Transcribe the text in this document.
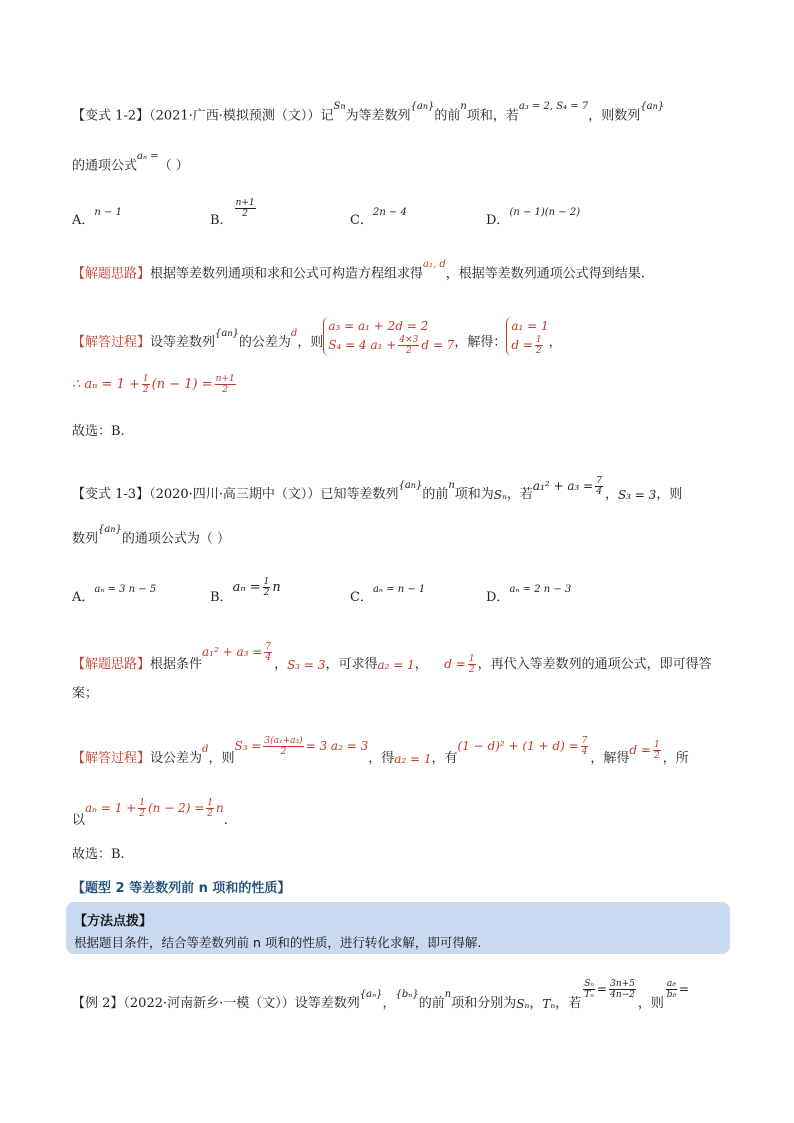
【变式 1-2】（2021·广西·模拟预测（文））记Sn为等差数列{an}的前n项和，若a₃ = 2, S₄ = 7，则数列{an}
的通项公式aₙ =（ ）
A．$^{n - 1}$
B．
$\frac{n+1}{2}$
C．$^{2n - 4}$
D．$^{(n - 1)(n - 2)}$
【解题思路】根据等差数列通项和求和公式可构造方程组求得a₁, d，根据等差数列通项公式得到结果.
【解答过程】设等差数列{an}的公差为d，则a₃ = a₁ + 2d = 2
S₄ = 4 $a_1 + \frac{4\times 3}{2}$ d = 7，解得：a₁ = 1
$d = \frac{1}{2}$ ，
∴ $a_n = 1 + \frac{1}{2} (n - 1) = \frac{n+1}{2}$
故选：B.
【变式 1-3】（2020·四川·高三期中（文））已知等差数列{an}的前n项和为Sₙ，若$a_1^2 + a_3 = \frac{7}{4}$ ，S₃ = 3，则
数列{an}的通项公式为（ ）
A．$^{a_n = 3 n - 5}$
B．$a_n = \frac{1}{2}$ n
C．$^{a_n = n - 1}$
D．$^{a_n = 2 n - 3}$
【解题思路】根据条件$a_1^2 + a_3 = \frac{7}{4}$
，S₃ = 3，可求得a₂ = 1，    $d = \frac{1}{2}$ ，再代入等差数列的通项公式，即可得答
案；
【解答过程】设公差为d，则$S_3 = \frac{\text{3(a₁+a₃)}}{2} = 3$ a₂ = 3，得a₂ = 1，有$(1 - d)^2 + (1 + d) = \frac{7}{4}$
，解得$d = \frac{1}{2}$ ，所
以$a_n = 1 + \frac{1}{2} (n - 2) = \frac{1}{2} n$.
故选：B.
【题型 2 等差数列前 n 项和的性质】
【方法点拨】
根据题目条件，结合等差数列前 n 项和的性质，进行转化求解，即可得解.
【例 2】（2022·河南新乡·一模（文））设等差数列{aₙ}，{bₙ}的前n项和分别为Sₙ，Tₙ，若
$\frac{\text{Sₙ}}{\text{Tₙ}} = \frac{3n+5}{4n-2}$
，则
$\frac{\text{a₈}}{\text{b₈}}$ =
